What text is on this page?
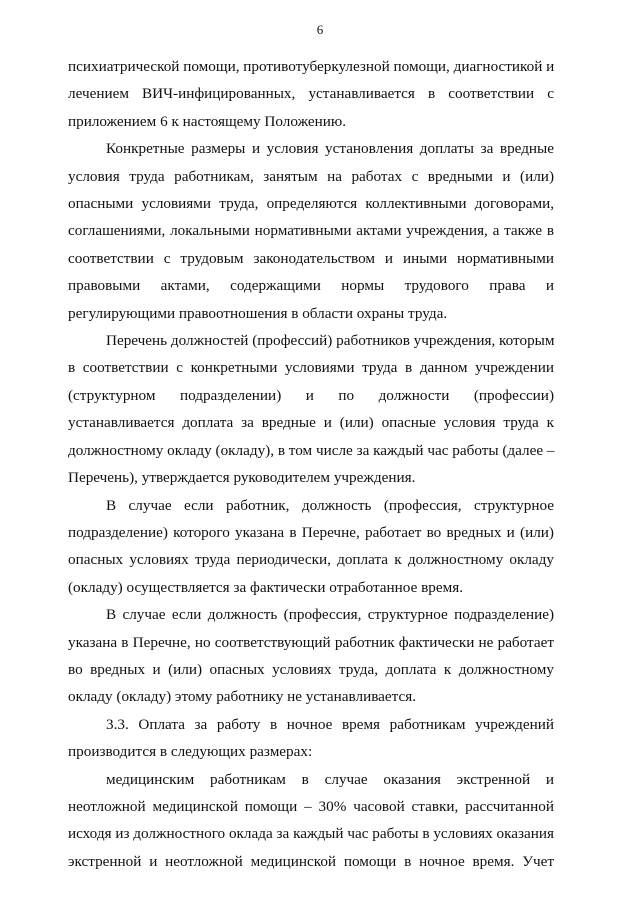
6
психиатрической помощи, противотуберкулезной помощи, диагностикой и
лечением ВИЧ-инфицированных, устанавливается в соответствии с
приложением 6 к настоящему Положению.
Конкретные размеры и условия установления доплаты за вредные
условия труда работникам, занятым на работах с вредными и (или)
опасными условиями труда, определяются коллективными договорами,
соглашениями, локальными нормативными актами учреждения, а также в
соответствии с трудовым законодательством и иными нормативными
правовыми актами, содержащими нормы трудового права и
регулирующими правоотношения в области охраны труда.
Перечень должностей (профессий) работников учреждения, которым
в соответствии с конкретными условиями труда в данном учреждении
(структурном подразделении) и по должности (профессии)
устанавливается доплата за вредные и (или) опасные условия труда к
должностному окладу (окладу), в том числе за каждый час работы (далее –
Перечень), утверждается руководителем учреждения.
В случае если работник, должность (профессия, структурное
подразделение) которого указана в Перечне, работает во вредных и (или)
опасных условиях труда периодически, доплата к должностному окладу
(окладу) осуществляется за фактически отработанное время.
В случае если должность (профессия, структурное подразделение)
указана в Перечне, но соответствующий работник фактически не работает
во вредных и (или) опасных условиях труда, доплата к должностному
окладу (окладу) этому работнику не устанавливается.
3.3. Оплата за работу в ночное время работникам учреждений
производится в следующих размерах:
медицинским работникам в случае оказания экстренной и
неотложной медицинской помощи – 30% часовой ставки, рассчитанной
исходя из должностного оклада за каждый час работы в условиях оказания
экстренной и неотложной медицинской помощи в ночное время. Учет
